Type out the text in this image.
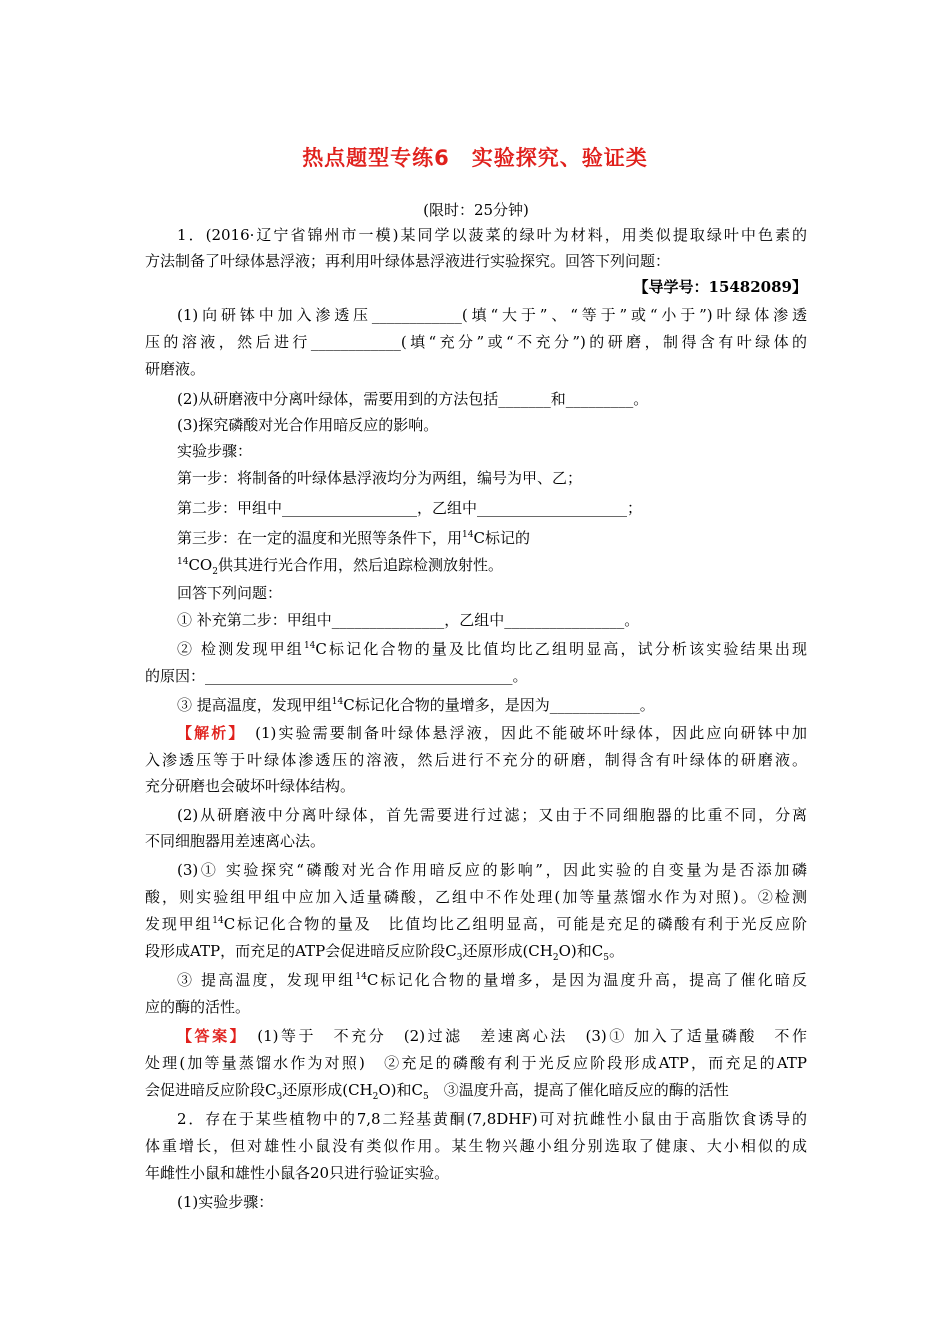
热点题型专练6　实验探究、验证类
(限时：25分钟)
1．(2016·辽宁省锦州市一模)某同学以菠菜的绿叶为材料，用类似提取绿叶中色素的
方法制备了叶绿体悬浮液；再利用叶绿体悬浮液进行实验探究。回答下列问题：
【导学号：15482089】
(1)向研钵中加入渗透压____________(填“大于”、“等于”或“小于”)叶绿体渗透
压的溶液，然后进行____________(填“充分”或“不充分”)的研磨，制得含有叶绿体的
研磨液。
(2)从研磨液中分离叶绿体，需要用到的方法包括_______和_________。
(3)探究磷酸对光合作用暗反应的影响。
实验步骤：
第一步：将制备的叶绿体悬浮液均分为两组，编号为甲、乙；
第二步：甲组中__________________，乙组中____________________；
第三步：在一定的温度和光照等条件下，用$^{14}$C标记的
$^{14}CO_2$供其进行光合作用，然后追踪检测放射性。
回答下列问题：
① 补充第二步：甲组中_______________，乙组中________________。
② 检测发现甲组$^{14}$C标记化合物的量及比值均比乙组明显高，试分析该实验结果出现
的原因：_________________________________________。
③ 提高温度，发现甲组$^{14}$C标记化合物的量增多，是因为____________。
【解析】　 (1)实验需要制备叶绿体悬浮液，因此不能破坏叶绿体，因此应向研钵中加
入渗透压等于叶绿体渗透压的溶液，然后进行不充分的研磨，制得含有叶绿体的研磨液。
充分研磨也会破坏叶绿体结构。
(2)从研磨液中分离叶绿体，首先需要进行过滤；又由于不同细胞器的比重不同，分离
不同细胞器用差速离心法。
(3)① 实验探究“磷酸对光合作用暗反应的影响”，因此实验的自变量为是否添加磷
酸，则实验组甲组中应加入适量磷酸，乙组中不作处理(加等量蒸馏水作为对照)。②检测
发现甲组$^{14}$C标记化合物的量及　比值均比乙组明显高，可能是充足的磷酸有利于光反应阶
段形成ATP，而充足的ATP会促进暗反应阶段$C_3$还原形成$(CH_2O)$和$C_5$。
③ 提高温度，发现甲组$^{14}$C标记化合物的量增多，是因为温度升高，提高了催化暗反
应的酶的活性。
【答案】　 (1)等于　不充分　(2)过滤　差速离心法　(3)① 加入了适量磷酸　不作
处理(加等量蒸馏水作为对照)　②充足的磷酸有利于光反应阶段形成ATP，而充足的ATP
会促进暗反应阶段$C_3$还原形成$(CH_2O)$和$C_5$　③温度升高，提高了催化暗反应的酶的活性
2．存在于某些植物中的7,8二羟基黄酮(7,8DHF)可对抗雌性小鼠由于高脂饮食诱导的
体重增长，但对雄性小鼠没有类似作用。某生物兴趣小组分别选取了健康、大小相似的成
年雌性小鼠和雄性小鼠各20只进行验证实验。
(1)实验步骤：
